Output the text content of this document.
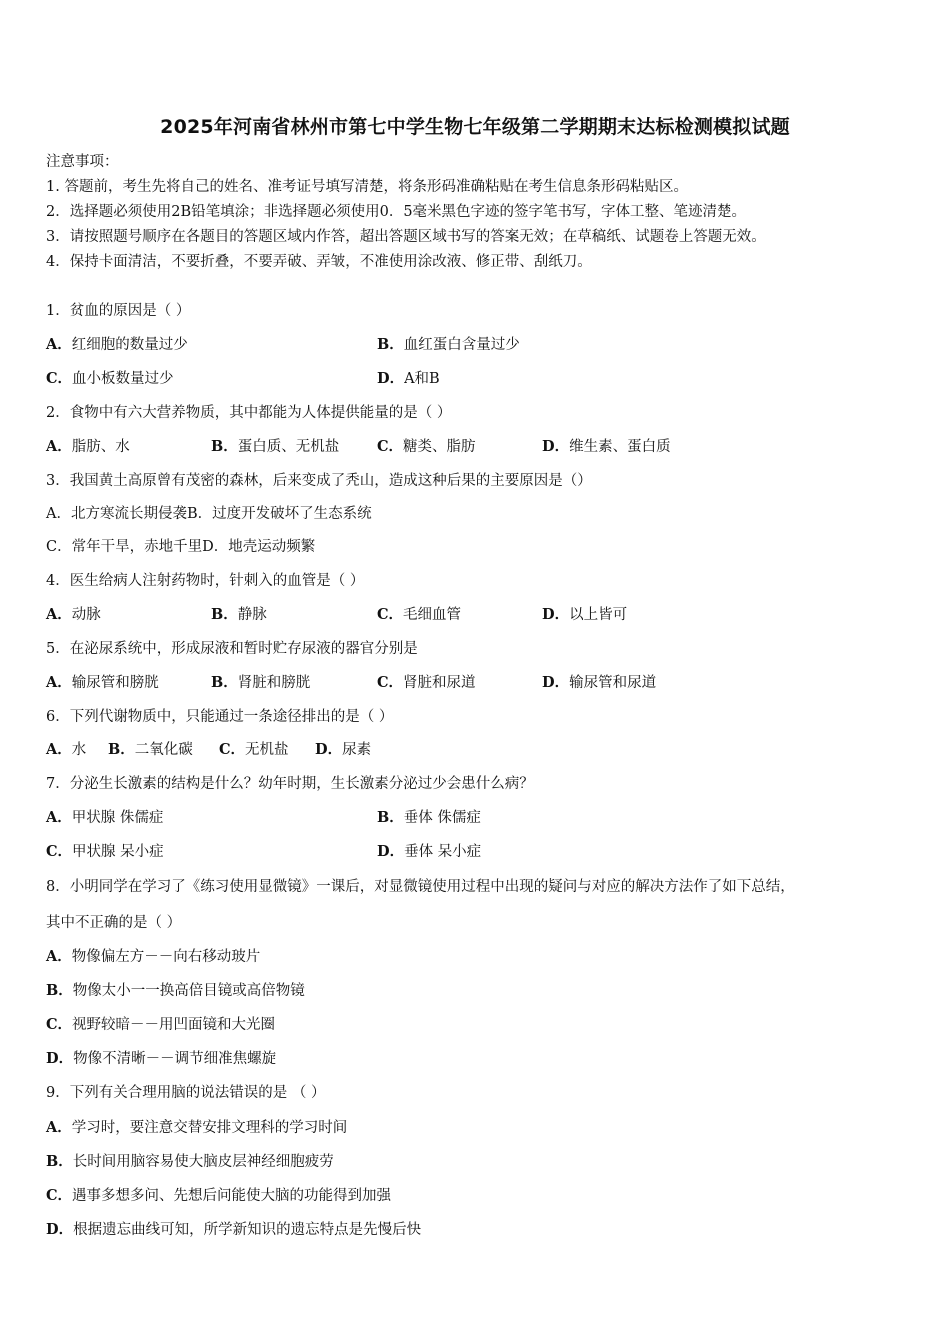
2025年河南省林州市第七中学生物七年级第二学期期末达标检测模拟试题
注意事项：
1. 答题前，考生先将自己的姓名、准考证号填写清楚，将条形码准确粘贴在考生信息条形码粘贴区。
2．选择题必须使用2B铅笔填涂；非选择题必须使用0．5毫米黑色字迹的签字笔书写，字体工整、笔迹清楚。
3．请按照题号顺序在各题目的答题区域内作答，超出答题区域书写的答案无效；在草稿纸、试题卷上答题无效。
4．保持卡面清洁，不要折叠，不要弄破、弄皱，不准使用涂改液、修正带、刮纸刀。
1．贫血的原因是（ ）
A．红细胞的数量过少	B．血红蛋白含量过少
C．血小板数量过少	D．A和B
2．食物中有六大营养物质，其中都能为人体提供能量的是（ ）
A．脂肪、水	B．蛋白质、无机盐	C．糖类、脂肪	D．维生素、蛋白质
3．我国黄土高原曾有茂密的森林，后来变成了秃山，造成这种后果的主要原因是（）
A．北方寒流长期侵袭B．过度开发破坏了生态系统
C．常年干旱，赤地千里D．地壳运动频繁
4．医生给病人注射药物时，针刺入的血管是（ ）
A．动脉	B．静脉	C．毛细血管	D．以上皆可
5．在泌尿系统中，形成尿液和暂时贮存尿液的器官分别是
A．输尿管和膀胱	B．肾脏和膀胱	C．肾脏和尿道	D．输尿管和尿道
6．下列代谢物质中，只能通过一条途径排出的是（ ）
A．水 B．二氧化碳 C．无机盐 D．尿素
7．分泌生长激素的结构是什么？幼年时期，生长激素分泌过少会患什么病？
A．甲状腺 侏儒症	B．垂体 侏儒症
C．甲状腺 呆小症	D．垂体 呆小症
8．小明同学在学习了《练习使用显微镜》一课后，对显微镜使用过程中出现的疑问与对应的解决方法作了如下总结，
其中不正确的是（ ）
A．物像偏左方－－向右移动玻片
B．物像太小一一换高倍目镜或高倍物镜
C．视野较暗－－用凹面镜和大光圈
D．物像不清晰－－调节细准焦螺旋
9．下列有关合理用脑的说法错误的是 （ ）
A．学习时，要注意交替安排文理科的学习时间
B．长时间用脑容易使大脑皮层神经细胞疲劳
C．遇事多想多问、先想后问能使大脑的功能得到加强
D．根据遗忘曲线可知，所学新知识的遗忘特点是先慢后快
